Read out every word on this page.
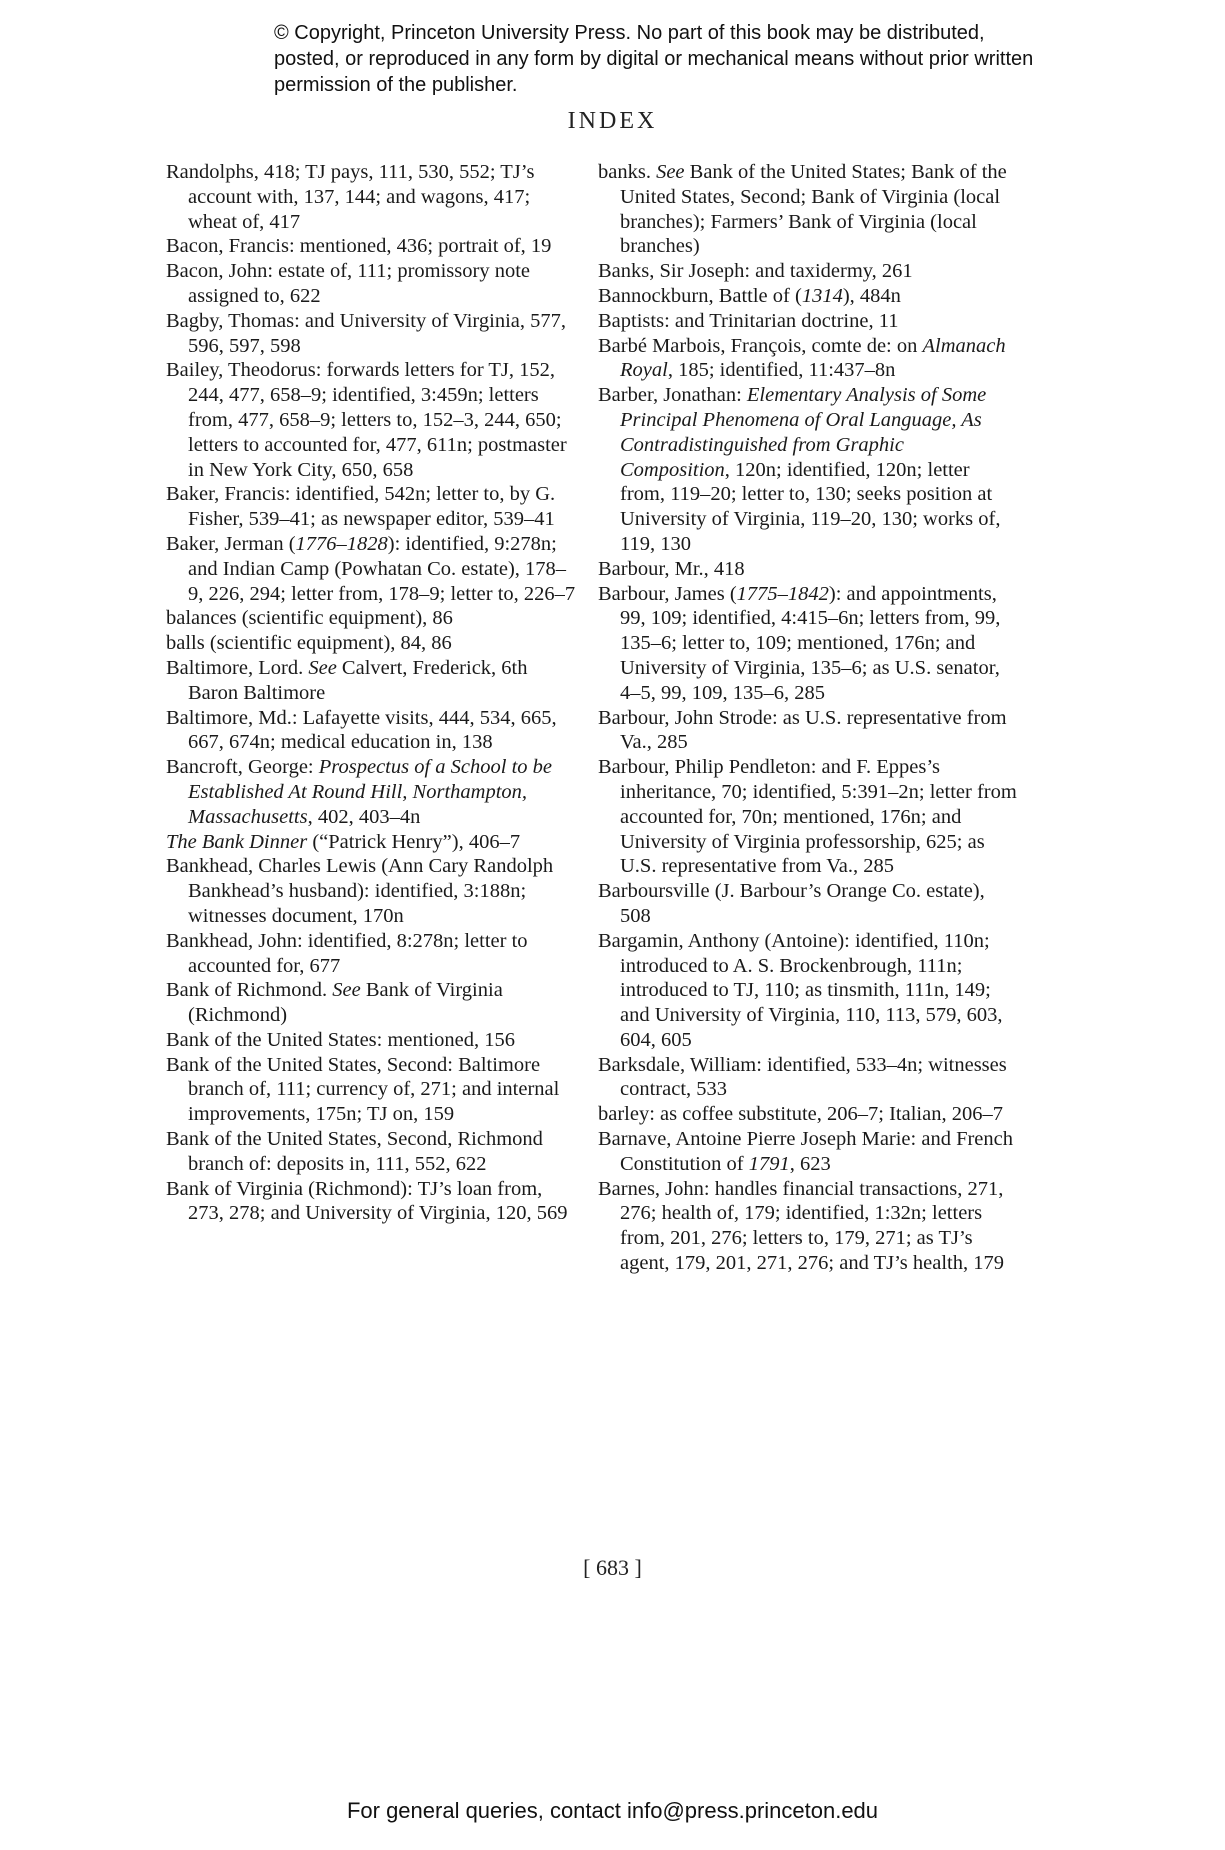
© Copyright, Princeton University Press. No part of this book may be distributed, posted, or reproduced in any form by digital or mechanical means without prior written permission of the publisher.
INDEX

Randolphs, 418; TJ pays, 111, 530, 552; TJ’s account with, 137, 144; and wagons, 417; wheat of, 417

Bacon, Francis: mentioned, 436; portrait of, 19

Bacon, John: estate of, 111; promissory note assigned to, 622

Bagby, Thomas: and University of Virginia, 577, 596, 597, 598

Bailey, Theodorus: forwards letters for TJ, 152, 244, 477, 658–9; identified, 3:459n; letters from, 477, 658–9; letters to, 152–3, 244, 650; letters to accounted for, 477, 611n; postmaster in New York City, 650, 658

Baker, Francis: identified, 542n; letter to, by G. Fisher, 539–41; as newspaper editor, 539–41

Baker, Jerman (1776–1828): identified, 9:278n; and Indian Camp (Powhatan Co. estate), 178–9, 226, 294; letter from, 178–9; letter to, 226–7

balances (scientific equipment), 86

balls (scientific equipment), 84, 86

Baltimore, Lord. See Calvert, Frederick, 6th Baron Baltimore

Baltimore, Md.: Lafayette visits, 444, 534, 665, 667, 674n; medical education in, 138

Bancroft, George: Prospectus of a School to be Established At Round Hill, Northampton, Massachusetts, 402, 403–4n

The Bank Dinner (“Patrick Henry”), 406–7

Bankhead, Charles Lewis (Ann Cary Randolph Bankhead’s husband): identified, 3:188n; witnesses document, 170n

Bankhead, John: identified, 8:278n; letter to accounted for, 677

Bank of Richmond. See Bank of Virginia (Richmond)

Bank of the United States: mentioned, 156

Bank of the United States, Second: Baltimore branch of, 111; currency of, 271; and internal improvements, 175n; TJ on, 159

Bank of the United States, Second, Richmond branch of: deposits in, 111, 552, 622

Bank of Virginia (Richmond): TJ’s loan from, 273, 278; and University of Virginia, 120, 569

banks. See Bank of the United States; Bank of the United States, Second; Bank of Virginia (local branches); Farmers’ Bank of Virginia (local branches)

Banks, Sir Joseph: and taxidermy, 261

Bannockburn, Battle of (1314), 484n

Baptists: and Trinitarian doctrine, 11

Barbé Marbois, François, comte de: on Almanach Royal, 185; identified, 11:437–8n

Barber, Jonathan: Elementary Analysis of Some Principal Phenomena of Oral Language, As Contradistinguished from Graphic Composition, 120n; identified, 120n; letter from, 119–20; letter to, 130; seeks position at University of Virginia, 119–20, 130; works of, 119, 130

Barbour, Mr., 418

Barbour, James (1775–1842): and appointments, 99, 109; identified, 4:415–6n; letters from, 99, 135–6; letter to, 109; mentioned, 176n; and University of Virginia, 135–6; as U.S. senator, 4–5, 99, 109, 135–6, 285

Barbour, John Strode: as U.S. representative from Va., 285

Barbour, Philip Pendleton: and F. Eppes’s inheritance, 70; identified, 5:391–2n; letter from accounted for, 70n; mentioned, 176n; and University of Virginia professorship, 625; as U.S. representative from Va., 285

Barboursville (J. Barbour’s Orange Co. estate), 508

Bargamin, Anthony (Antoine): identified, 110n; introduced to A. S. Brockenbrough, 111n; introduced to TJ, 110; as tinsmith, 111n, 149; and University of Virginia, 110, 113, 579, 603, 604, 605

Barksdale, William: identified, 533–4n; witnesses contract, 533

barley: as coffee substitute, 206–7; Italian, 206–7

Barnave, Antoine Pierre Joseph Marie: and French Constitution of 1791, 623

Barnes, John: handles financial transactions, 271, 276; health of, 179; identified, 1:32n; letters from, 201, 276; letters to, 179, 271; as TJ’s agent, 179, 201, 271, 276; and TJ’s health, 179

[ 683 ]
For general queries, contact info@press.princeton.edu
